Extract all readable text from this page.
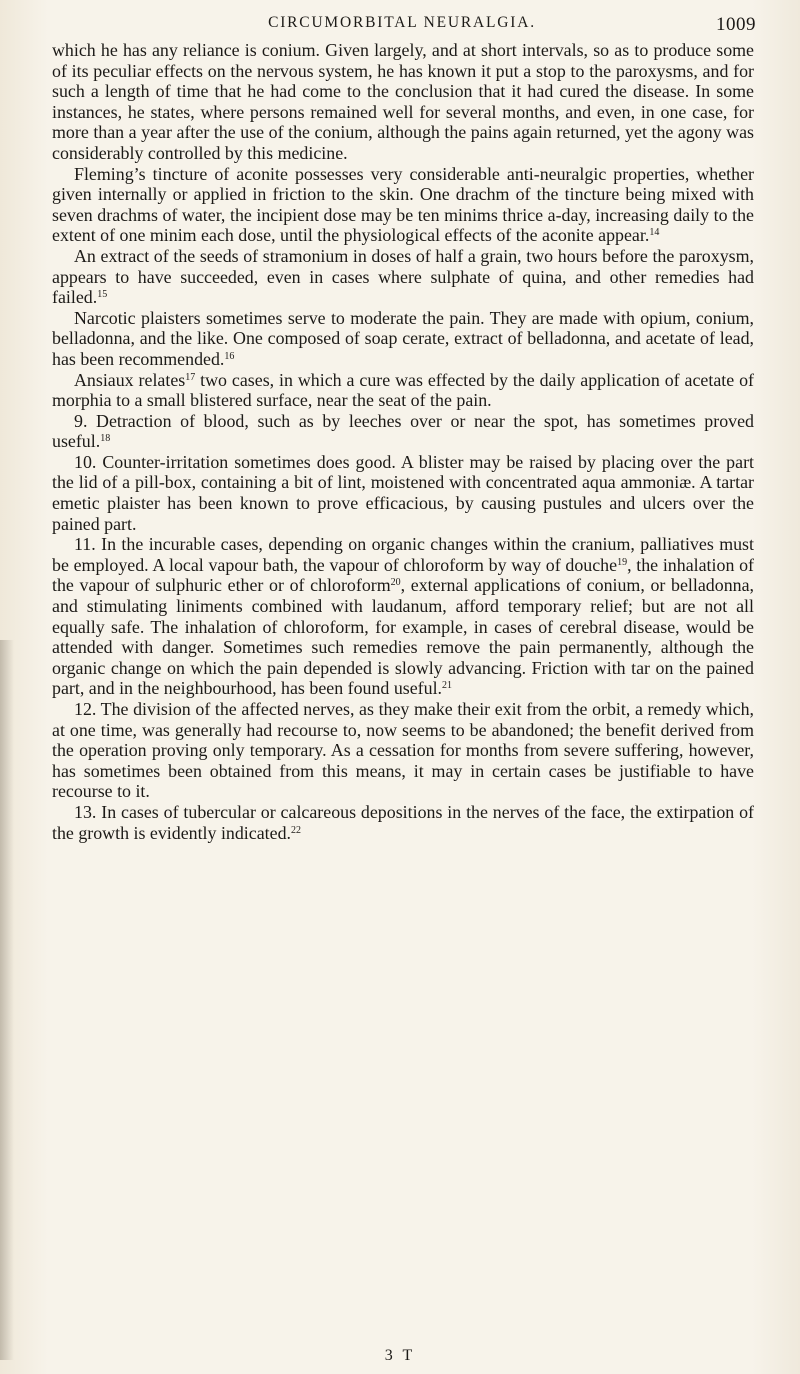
CIRCUMORBITAL NEURALGIA.	1009

which he has any reliance is conium. Given largely, and at short intervals, so as to produce some of its peculiar effects on the nervous system, he has known it put a stop to the paroxysms, and for such a length of time that he had come to the conclusion that it had cured the disease. In some instances, he states, where persons remained well for several months, and even, in one case, for more than a year after the use of the conium, although the pains again returned, yet the agony was considerably controlled by this medicine.

Fleming’s tincture of aconite possesses very considerable anti-neuralgic properties, whether given internally or applied in friction to the skin. One drachm of the tincture being mixed with seven drachms of water, the incipient dose may be ten minims thrice a-day, increasing daily to the extent of one minim each dose, until the physiological effects of the aconite appear.$^{14}$

An extract of the seeds of stramonium in doses of half a grain, two hours before the paroxysm, appears to have succeeded, even in cases where sulphate of quina, and other remedies had failed.$^{15}$

Narcotic plaisters sometimes serve to moderate the pain. They are made with opium, conium, belladonna, and the like. One composed of soap cerate, extract of belladonna, and acetate of lead, has been recommended.$^{16}$

Ansiaux relates$^{17}$ two cases, in which a cure was effected by the daily application of acetate of morphia to a small blistered surface, near the seat of the pain.

9. Detraction of blood, such as by leeches over or near the spot, has sometimes proved useful.$^{18}$

10. Counter-irritation sometimes does good. A blister may be raised by placing over the part the lid of a pill-box, containing a bit of lint, moistened with concentrated aqua ammoniæ. A tartar emetic plaister has been known to prove efficacious, by causing pustules and ulcers over the pained part.

11. In the incurable cases, depending on organic changes within the cranium, palliatives must be employed. A local vapour bath, the vapour of chloroform by way of douche$^{19}$, the inhalation of the vapour of sulphuric ether or of chloroform$^{20}$, external applications of conium, or belladonna, and stimulating liniments combined with laudanum, afford temporary relief; but are not all equally safe. The inhalation of chloroform, for example, in cases of cerebral disease, would be attended with danger. Sometimes such remedies remove the pain permanently, although the organic change on which the pain depended is slowly advancing. Friction with tar on the pained part, and in the neighbourhood, has been found useful.$^{21}$

12. The division of the affected nerves, as they make their exit from the orbit, a remedy which, at one time, was generally had recourse to, now seems to be abandoned; the benefit derived from the operation proving only temporary. As a cessation for months from severe suffering, however, has sometimes been obtained from this means, it may in certain cases be justifiable to have recourse to it.

13. In cases of tubercular or calcareous depositions in the nerves of the face, the extirpation of the growth is evidently indicated.$^{22}$

3 T
